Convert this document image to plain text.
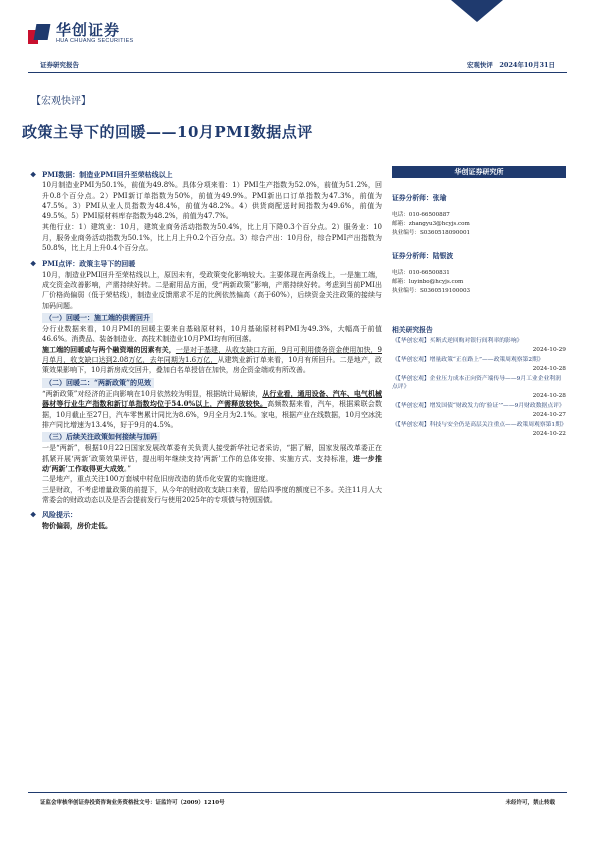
华创证券
HUA CHUANG SECURITIES
证券研究报告	宏观快评　2024年10月31日
【宏观快评】
政策主导下的回暖——10月PMI数据点评
❖ PMI数据：制造业PMI回升至荣枯线以上
10月制造业PMI为50.1%，前值为49.8%。具体分项来看：1）PMI生产指数为52.0%，前值为51.2%，回升0.8个百分点。2）PMI新订单指数为50%，前值为49.9%。PMI新出口订单指数为47.3%，前值为47.5%。3）PMI从业人员指数为48.4%，前值为48.2%。4）供货商配送时间指数为49.6%，前值为49.5%。5）PMI原材料库存指数为48.2%，前值为47.7%。
其他行业：1）建筑业：10月，建筑业商务活动指数为50.4%，比上月下降0.3个百分点。2）服务业：10月，服务业商务活动指数为50.1%，比上月上升0.2个百分点。3）综合产出：10月份，综合PMI产出指数为50.8%，比上月上升0.4个百分点。
❖ PMI点评：政策主导下的回暖
10月，制造业PMI回升至荣枯线以上，原因未有，受政策变化影响较大。主要体现在两条线上，一是施工端，成交资金改善影响，产需持续好转。二是耐用品方面，受“两新政策”影响，产需持续好转。考虑到当前PMI出厂价格尚偏弱（低于荣枯线），制造业反馈需求不足的比例依然偏高（高于60%），后续资金关注政策的接续与加码问题。
（一）回暖一：施工端的供需回升
分行业数据来看，10月PMI的回暖主要来自基础原材料，10月基础原材料PMI为49.3%，大幅高于前值46.6%。消费品、装备制造业、高技术制造业10月PMI均有所回落。
施工端的回暖或与两个融资端的因素有关，一是对于基建，从收支缺口方面，9月可利用债务资金使用加快，9月单月，收支缺口达到2.08万亿，去年同期为1.6万亿，从建筑业新订单来看，10月有所回升。二是地产，政策效果影响下，10月新房成交回升，叠加白名单授信在加快，房企资金端或有所改善。
（二）回暖二：“两新政策”的见效
“两新政策”对经济的正向影响在10月依然较为明显，根据统计局解读，从行业看，通用设备、汽车、电气机械器材等行业生产指数和新订单指数均位于54.0%以上，产需释放较快。高频数据来看，汽车，根据乘联会数据，10月截止至27日，汽车零售累计同比为8.6%，9月全月为2.1%。家电，根据产业在线数据，10月空冰洗排产同比增速为13.4%，好于9月的4.5%。
（三）后续关注政策如何接续与加码
一是“两新”，根据10月22日国家发展改革委有关负责人接受新华社记者采访，“据了解，国家发展改革委正在抓紧开展‘两新’政策效果评估，提出明年继续支持‘两新’工作的总体安排、实施方式、支持标准，进一步推动‘两新’工作取得更大成效。”
二是地产，重点关注100万套城中村危旧房改造的货币化安置的实施进度。
三是财政，不考虑增量政策的前提下，从今年的财政收支缺口来看，留给四季度的额度已不多。关注11月人大常委会的财政动态以及是否会提前发行与使用2025年的专项债与特别国债。
❖ 风险提示：
物价偏弱，房价走低。
华创证券研究所
证券分析师：张瑜
电话：010-66500887
邮箱：zhangyu3@hcyjs.com
执业编号：S0360518090001
证券分析师：陆银波
电话：010-66500831
邮箱：luyinbo@hcyjs.com
执业编号：S0360519100003
相关研究报告
《【华创宏观】买断式逆回购对银行间利率的影响》
2024-10-29
《【华创宏观】增量政策“正在路上”——政策周观察第2期》
2024-10-28
《【华创宏观】企业压力成本正向资产端传导——9月工业企业利润点评》
2024-10-28
《【华创宏观】增发国债“财政发力的‘验证’”——9月财政数据点评》
2024-10-27
《【华创宏观】科技与安全仍是高层关注重点——政策周观察第1期》
2024-10-22
证监会审核华创证券投资咨询业务资格批文号：证监许可（2009）1210号	未经许可，禁止转载
